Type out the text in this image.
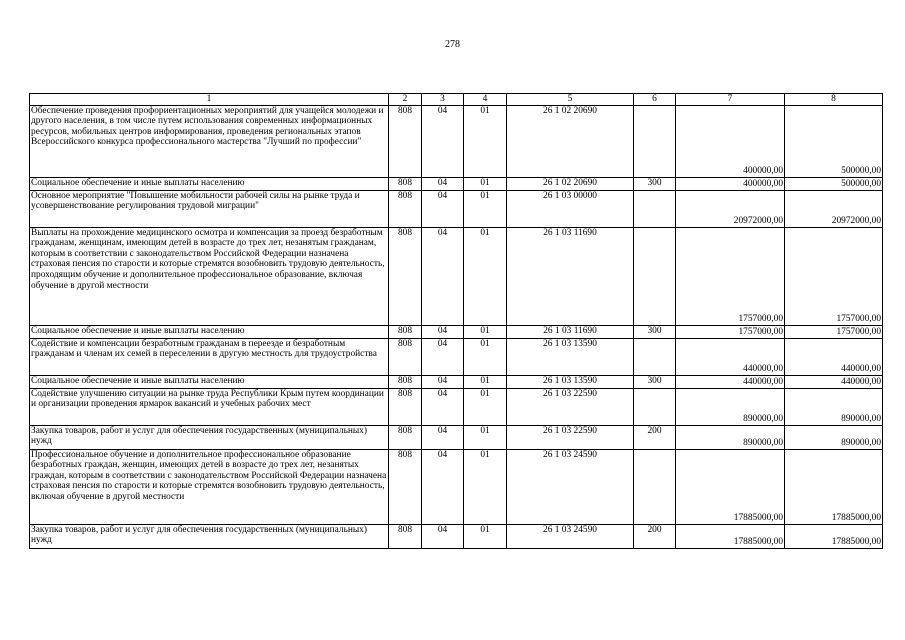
278
1	2	3	4	5	6	7	8
Обеспечение проведения профориентационных мероприятий для учащейся молодежи и другого населения, в том числе путем использования современных информационных ресурсов, мобильных центров информирования, проведения региональных этапов Всероссийского конкурса профессионального мастерства "Лучший по профессии"	808	04	01	26 1 02 20690		400000,00	500000,00
Социальное обеспечение и иные выплаты населению	808	04	01	26 1 02 20690	300	400000,00	500000,00
Основное мероприятие "Повышение мобильности рабочей силы на рынке труда и усовершенствование регулирования трудовой миграции"	808	04	01	26 1 03 00000		20972000,00	20972000,00
Выплаты на прохождение медицинского осмотра и компенсация за проезд безработным гражданам, женщинам, имеющим детей в возрасте до трех лет, незанятым гражданам, которым в соответствии с законодательством Российской Федерации назначена страховая пенсия по старости и которые стремятся возобновить трудовую деятельность, проходящим обучение и дополнительное профессиональное образование, включая обучение в другой местности	808	04	01	26 1 03 11690		1757000,00	1757000,00
Социальное обеспечение и иные выплаты населению	808	04	01	26 1 03 11690	300	1757000,00	1757000,00
Содействие и компенсации безработным гражданам в переезде и безработным гражданам и членам их семей в переселении в другую местность для трудоустройства	808	04	01	26 1 03 13590		440000,00	440000,00
Социальное обеспечение и иные выплаты населению	808	04	01	26 1 03 13590	300	440000,00	440000,00
Содействие улучшению ситуации на рынке труда Республики Крым путем координации и организации проведения ярмарок вакансий и учебных рабочих мест	808	04	01	26 1 03 22590		890000,00	890000,00
Закупка товаров, работ и услуг для обеспечения государственных (муниципальных) нужд	808	04	01	26 1 03 22590	200	890000,00	890000,00
Профессиональное обучение и дополнительное профессиональное образование безработных граждан, женщин, имеющих детей в возрасте до трех лет, незанятых граждан, которым в соответствии с законодательством Российской Федерации назначена страховая пенсия по старости и которые стремятся возобновить трудовую деятельность, включая обучение в другой местности	808	04	01	26 1 03 24590		17885000,00	17885000,00
Закупка товаров, работ и услуг для обеспечения государственных (муниципальных) нужд	808	04	01	26 1 03 24590	200	17885000,00	17885000,00
